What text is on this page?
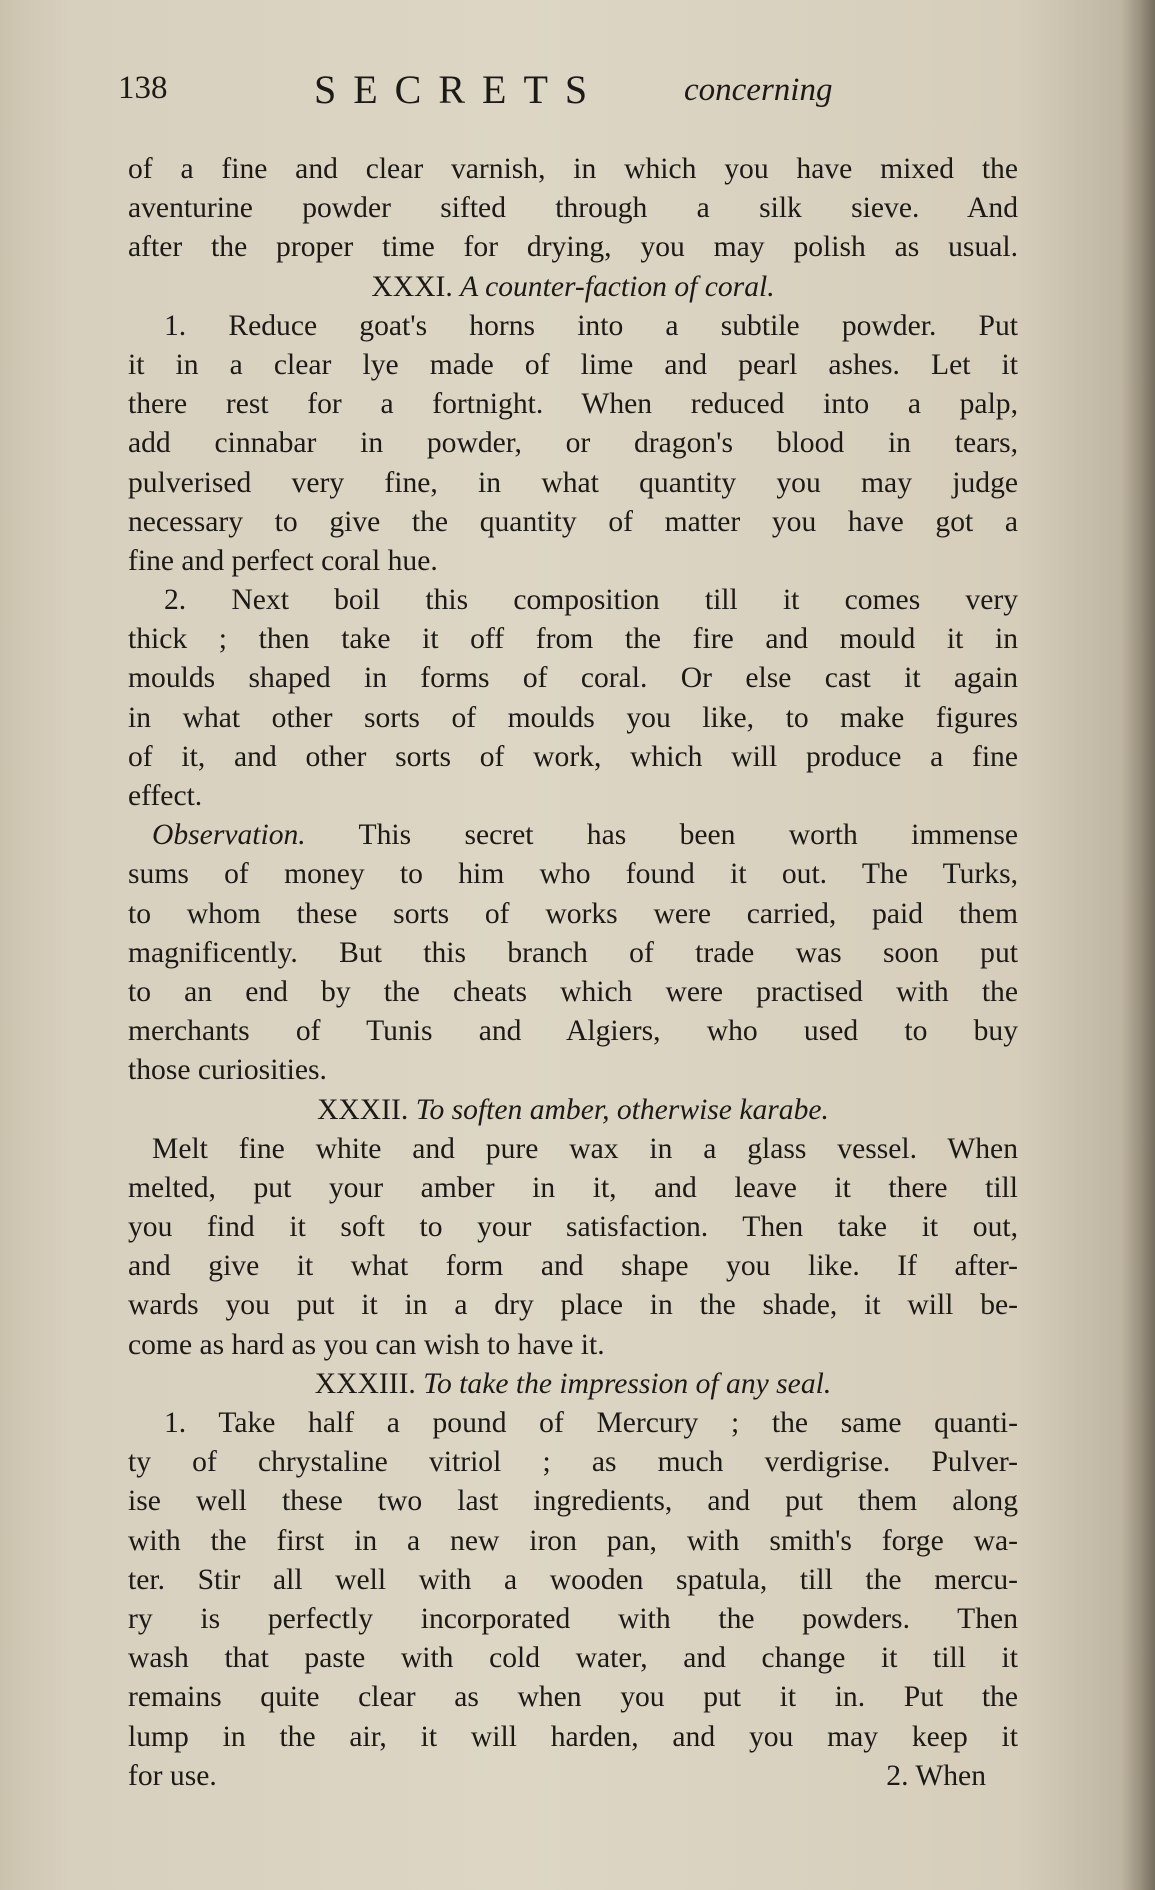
138	SECRETS concerning
of a fine and clear varnish, in which you have mixed the
aventurine powder sifted through a silk sieve. And
after the proper time for drying, you may polish as usual.
XXXI. A counter-faction of coral.
1. Reduce goat's horns into a subtile powder. Put
it in a clear lye made of lime and pearl ashes. Let it
there rest for a fortnight. When reduced into a palp,
add cinnabar in powder, or dragon's blood in tears,
pulverised very fine, in what quantity you may judge
necessary to give the quantity of matter you have got a
fine and perfect coral hue.
2. Next boil this composition till it comes very
thick ; then take it off from the fire and mould it in
moulds shaped in forms of coral. Or else cast it again
in what other sorts of moulds you like, to make figures
of it, and other sorts of work, which will produce a fine
effect.
Observation. This secret has been worth immense
sums of money to him who found it out. The Turks,
to whom these sorts of works were carried, paid them
magnificently. But this branch of trade was soon put
to an end by the cheats which were practised with the
merchants of Tunis and Algiers, who used to buy
those curiosities.
XXXII. To soften amber, otherwise karabe.
Melt fine white and pure wax in a glass vessel. When
melted, put your amber in it, and leave it there till
you find it soft to your satisfaction. Then take it out,
and give it what form and shape you like. If after-
wards you put it in a dry place in the shade, it will be-
come as hard as you can wish to have it.
XXXIII. To take the impression of any seal.
1. Take half a pound of Mercury ; the same quanti-
ty of chrystaline vitriol ; as much verdigrise. Pulver-
ise well these two last ingredients, and put them along
with the first in a new iron pan, with smith's forge wa-
ter. Stir all well with a wooden spatula, till the mercu-
ry is perfectly incorporated with the powders. Then
wash that paste with cold water, and change it till it
remains quite clear as when you put it in. Put the
lump in the air, it will harden, and you may keep it
for use.	2. When
